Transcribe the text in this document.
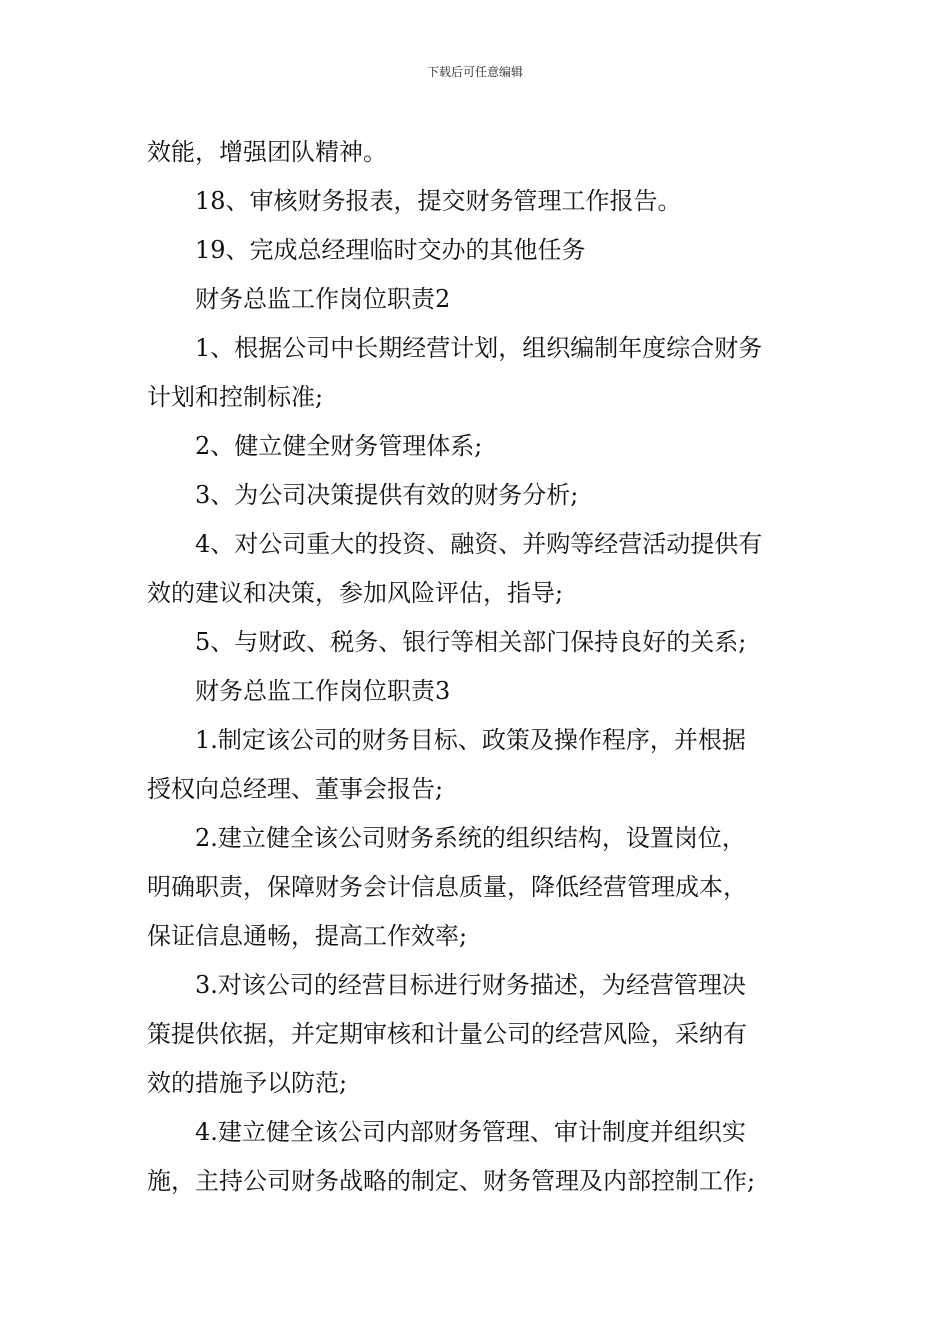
下载后可任意编辑
效能，增强团队精神。
18、审核财务报表，提交财务管理工作报告。
19、完成总经理临时交办的其他任务
财务总监工作岗位职责2
1、根据公司中长期经营计划，组织编制年度综合财务
计划和控制标准;
2、健立健全财务管理体系;
3、为公司决策提供有效的财务分析;
4、对公司重大的投资、融资、并购等经营活动提供有
效的建议和决策，参加风险评估，指导;
5、与财政、税务、银行等相关部门保持良好的关系;
财务总监工作岗位职责3
1.制定该公司的财务目标、政策及操作程序，并根据
授权向总经理、董事会报告;
2.建立健全该公司财务系统的组织结构，设置岗位，
明确职责，保障财务会计信息质量，降低经营管理成本，
保证信息通畅，提高工作效率;
3.对该公司的经营目标进行财务描述，为经营管理决
策提供依据，并定期审核和计量公司的经营风险，采纳有
效的措施予以防范;
4.建立健全该公司内部财务管理、审计制度并组织实
施，主持公司财务战略的制定、财务管理及内部控制工作;
